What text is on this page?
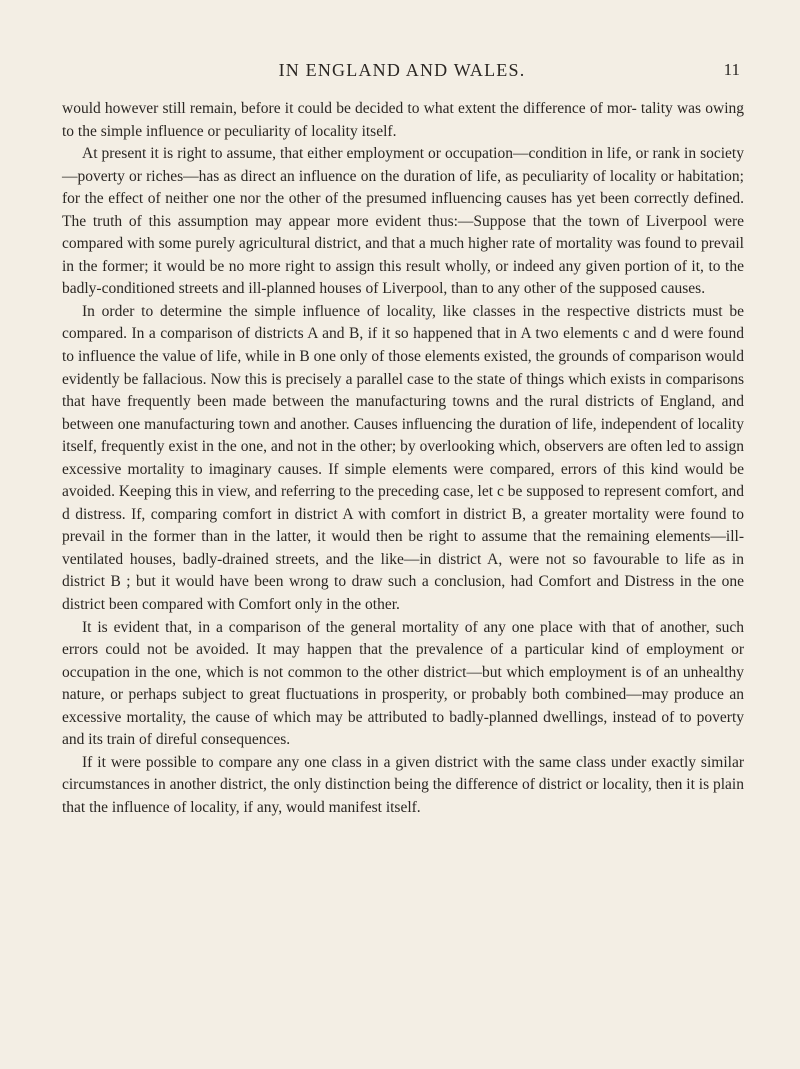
IN ENGLAND AND WALES.	11

would however still remain, before it could be decided to what extent the difference of mor- tality was owing to the simple influence or peculiarity of locality itself.

At present it is right to assume, that either employment or occupation—condition in life, or rank in society—poverty or riches—has as direct an influence on the duration of life, as peculiarity of locality or habitation; for the effect of neither one nor the other of the presumed influencing causes has yet been correctly defined. The truth of this assumption may appear more evident thus:—Suppose that the town of Liverpool were compared with some purely agricultural district, and that a much higher rate of mortality was found to prevail in the former; it would be no more right to assign this result wholly, or indeed any given portion of it, to the badly-conditioned streets and ill-planned houses of Liverpool, than to any other of the supposed causes.

In order to determine the simple influence of locality, like classes in the respective districts must be compared. In a comparison of districts A and B, if it so happened that in A two elements c and d were found to influence the value of life, while in B one only of those elements existed, the grounds of comparison would evidently be fallacious. Now this is precisely a parallel case to the state of things which exists in comparisons that have frequently been made between the manufacturing towns and the rural districts of England, and between one manufacturing town and another. Causes influencing the duration of life, independent of locality itself, frequently exist in the one, and not in the other; by overlooking which, observers are often led to assign excessive mortality to imaginary causes. If simple elements were compared, errors of this kind would be avoided. Keeping this in view, and referring to the preceding case, let c be supposed to represent comfort, and d distress. If, comparing comfort in district A with comfort in district B, a greater mortality were found to prevail in the former than in the latter, it would then be right to assume that the remaining elements—ill-ventilated houses, badly-drained streets, and the like—in district A, were not so favourable to life as in district B ; but it would have been wrong to draw such a conclusion, had Comfort and Distress in the one district been compared with Comfort only in the other.

It is evident that, in a comparison of the general mortality of any one place with that of another, such errors could not be avoided. It may happen that the prevalence of a particular kind of employment or occupation in the one, which is not common to the other district—but which employment is of an unhealthy nature, or perhaps subject to great fluctuations in prosperity, or probably both combined—may produce an excessive mortality, the cause of which may be attributed to badly-planned dwellings, instead of to poverty and its train of direful consequences.

If it were possible to compare any one class in a given district with the same class under exactly similar circumstances in another district, the only distinction being the difference of district or locality, then it is plain that the influence of locality, if any, would manifest itself.
